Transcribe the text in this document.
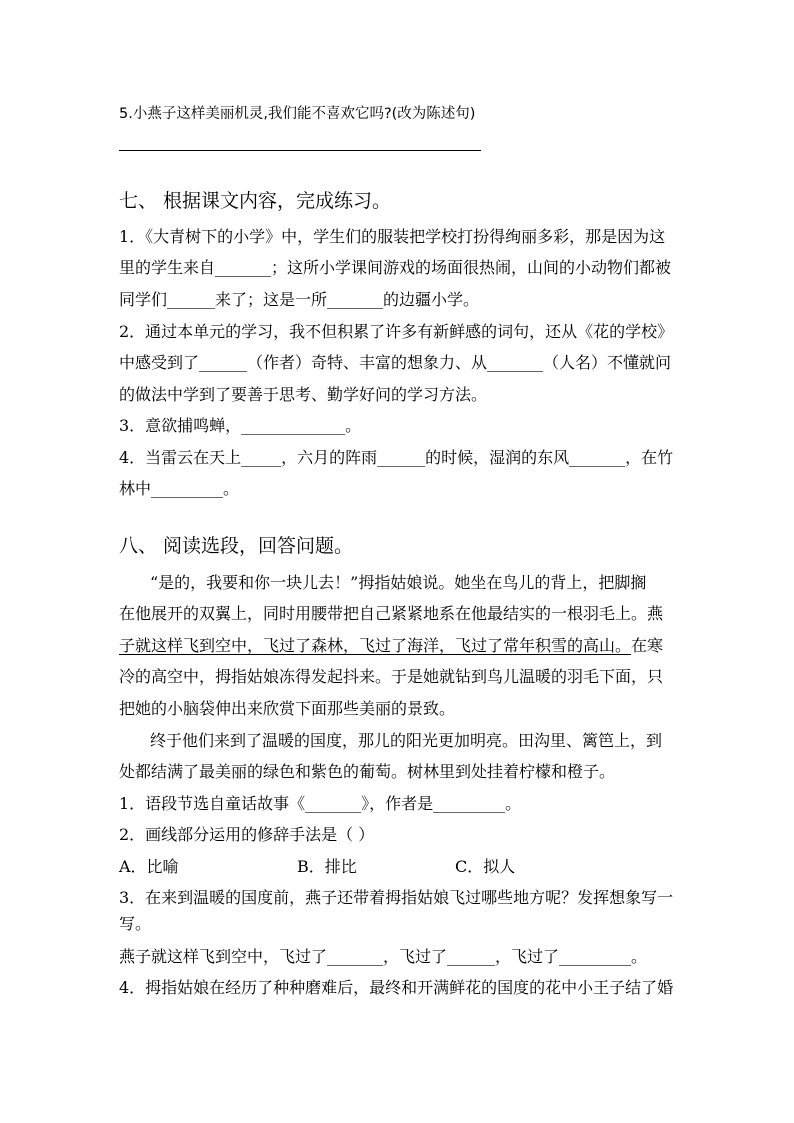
5.小燕子这样美丽机灵,我们能不喜欢它吗?(改为陈述句)
七、 根据课文内容，完成练习。
1．《大青树下的小学》中，学生们的服装把学校打扮得绚丽多彩，那是因为这
里的学生来自_______；这所小学课间游戏的场面很热闹，山间的小动物们都被
同学们______来了；这是一所_______的边疆小学。
2．通过本单元的学习，我不但积累了许多有新鲜感的词句，还从《花的学校》
中感受到了______（作者）奇特、丰富的想象力、从_______（人名）不懂就问
的做法中学到了要善于思考、勤学好问的学习方法。
3．意欲捕鸣蝉，_____________。
4．当雷云在天上_____，六月的阵雨______的时候，湿润的东风_______，在竹
林中_________。
八、 阅读选段，回答问题。
“是的，我要和你一块儿去！”拇指姑娘说。她坐在鸟儿的背上，把脚搁
在他展开的双翼上，同时用腰带把自己紧紧地系在他最结实的一根羽毛上。燕
子就这样飞到空中，飞过了森林，飞过了海洋，飞过了常年积雪的高山。在寒
冷的高空中，拇指姑娘冻得发起抖来。于是她就钻到鸟儿温暖的羽毛下面，只
把她的小脑袋伸出来欣赏下面那些美丽的景致。
终于他们来到了温暖的国度，那儿的阳光更加明亮。田沟里、篱笆上，到
处都结满了最美丽的绿色和紫色的葡萄。树林里到处挂着柠檬和橙子。
1．语段节选自童话故事《_______》，作者是_________。
2．画线部分运用的修辞手法是（ ）
A．比喻	B．排比	C．拟人
3．在来到温暖的国度前，燕子还带着拇指姑娘飞过哪些地方呢？发挥想象写一
写。
燕子就这样飞到空中，飞过了_______，飞过了______，飞过了_________。
4．拇指姑娘在经历了种种磨难后，最终和开满鲜花的国度的花中小王子结了婚
